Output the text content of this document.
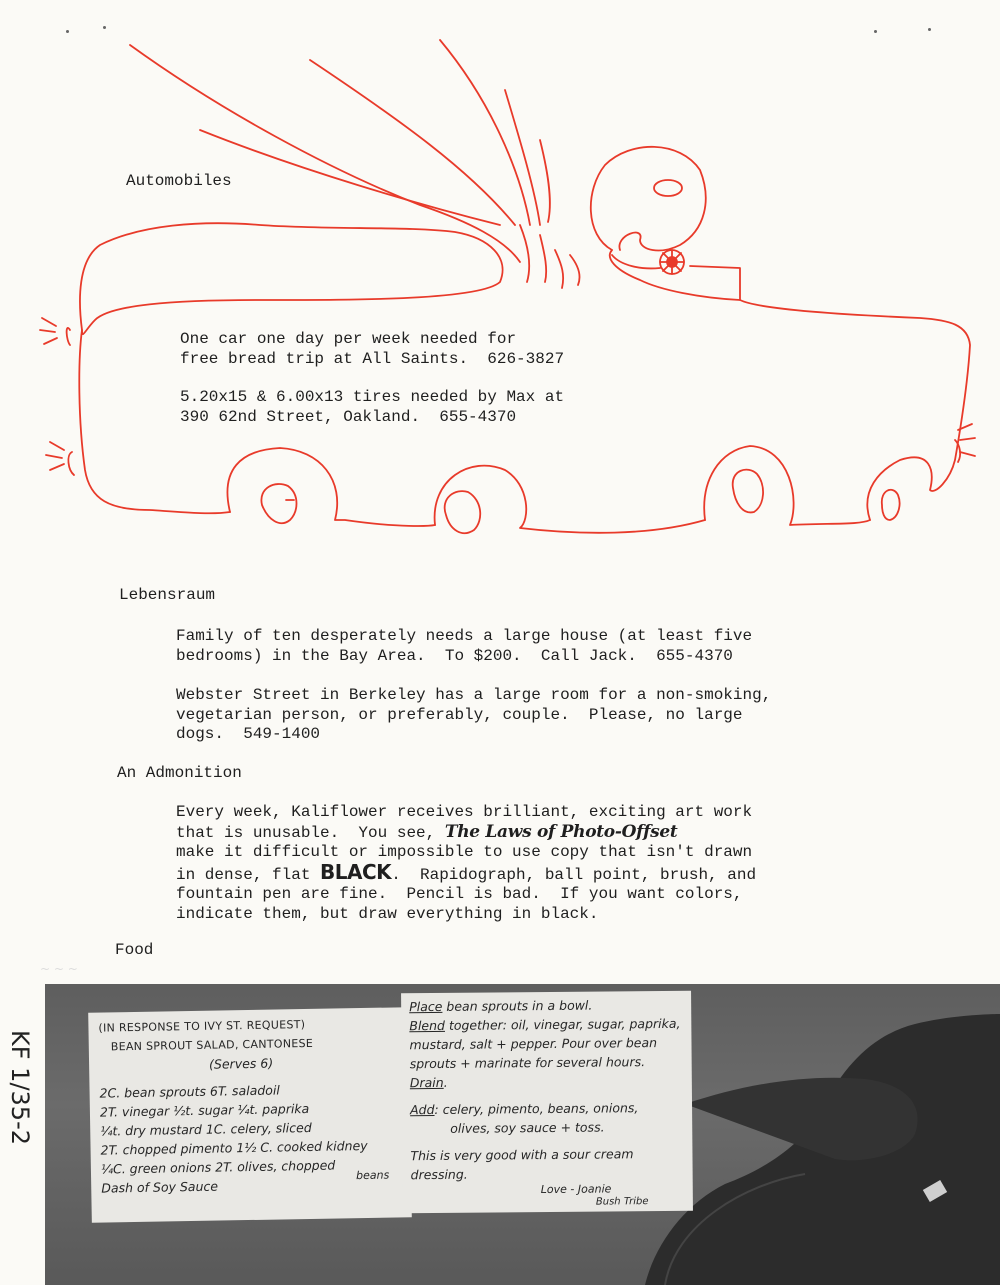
Automobiles
One car one day per week needed for
free bread trip at All Saints.  626-3827
5.20x15 & 6.00x13 tires needed by Max at
390 62nd Street, Oakland.  655-4370
Lebensraum
Family of ten desperately needs a large house (at least five
bedrooms) in the Bay Area.  To $200.  Call Jack.  655-4370
Webster Street in Berkeley has a large room for a non-smoking,
vegetarian person, or preferably, couple.  Please, no large
dogs.  549-1400
An Admonition
Every week, Kaliflower receives brilliant, exciting art work
that is unusable.  You see, The Laws of Photo-Offset
make it difficult or impossible to use copy that isn't drawn
in dense, flat BLACK.  Rapidograph, ball point, brush, and
fountain pen are fine.  Pencil is bad.  If you want colors,
indicate them, but draw everything in black.
Food
~ ~ ~
KF 1/35-2
(IN RESPONSE TO IVY ST. REQUEST)
BEAN SPROUT SALAD, CANTONESE
(Serves 6)
2C. bean sprouts 6T. saladoil
2T. vinegar ½t. sugar ¼t. paprika
¼t. dry mustard 1C. celery, sliced
2T. chopped pimento 1½ C. cooked kidney
beans
¼C. green onions 2T. olives, chopped
Dash of Soy Sauce
Place bean sprouts in a bowl.
Blend together: oil, vinegar, sugar, paprika,
mustard, salt + pepper. Pour over bean
sprouts + marinate for several hours.
Drain.
Add: celery, pimento, beans, onions,
olives, soy sauce + toss.
This is very good with a sour cream
dressing.
Love - Joanie
Bush Tribe
